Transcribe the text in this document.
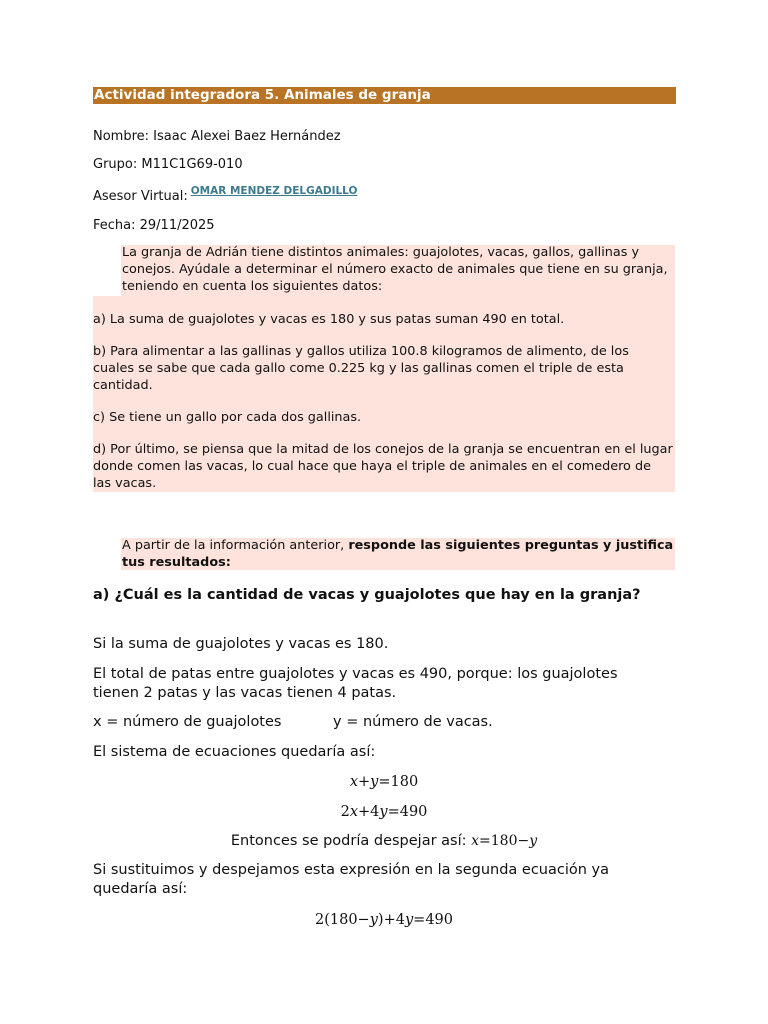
Actividad integradora 5. Animales de granja
Nombre: Isaac Alexei Baez Hernández
Grupo: M11C1G69-010
Asesor Virtual: $^{OMAR MENDEZ DELGADILLO}$
Fecha: 29/11/2025
La granja de Adrián tiene distintos animales: guajolotes, vacas, gallos, gallinas y conejos. Ayúdale a determinar el número exacto de animales que tiene en su granja, teniendo en cuenta los siguientes datos:
a) La suma de guajolotes y vacas es 180 y sus patas suman 490 en total.
b) Para alimentar a las gallinas y gallos utiliza 100.8 kilogramos de alimento, de los cuales se sabe que cada gallo come 0.225 kg y las gallinas comen el triple de esta cantidad.
c) Se tiene un gallo por cada dos gallinas.
d) Por último, se piensa que la mitad de los conejos de la granja se encuentran en el lugar donde comen las vacas, lo cual hace que haya el triple de animales en el comedero de las vacas.
A partir de la información anterior, responde las siguientes preguntas y justifica tus resultados:
a) ¿Cuál es la cantidad de vacas y guajolotes que hay en la granja?
Si la suma de guajolotes y vacas es 180.
El total de patas entre guajolotes y vacas es 490, porque: los guajolotes tienen 2 patas y las vacas tienen 4 patas.
x = número de guajolotes	y = número de vacas.
El sistema de ecuaciones quedaría así:
x+y=180
2x+4y=490
Entonces se podría despejar así: x=180−y
Si sustituimos y despejamos esta expresión en la segunda ecuación ya quedaría así:
2(180−y)+4y=490
